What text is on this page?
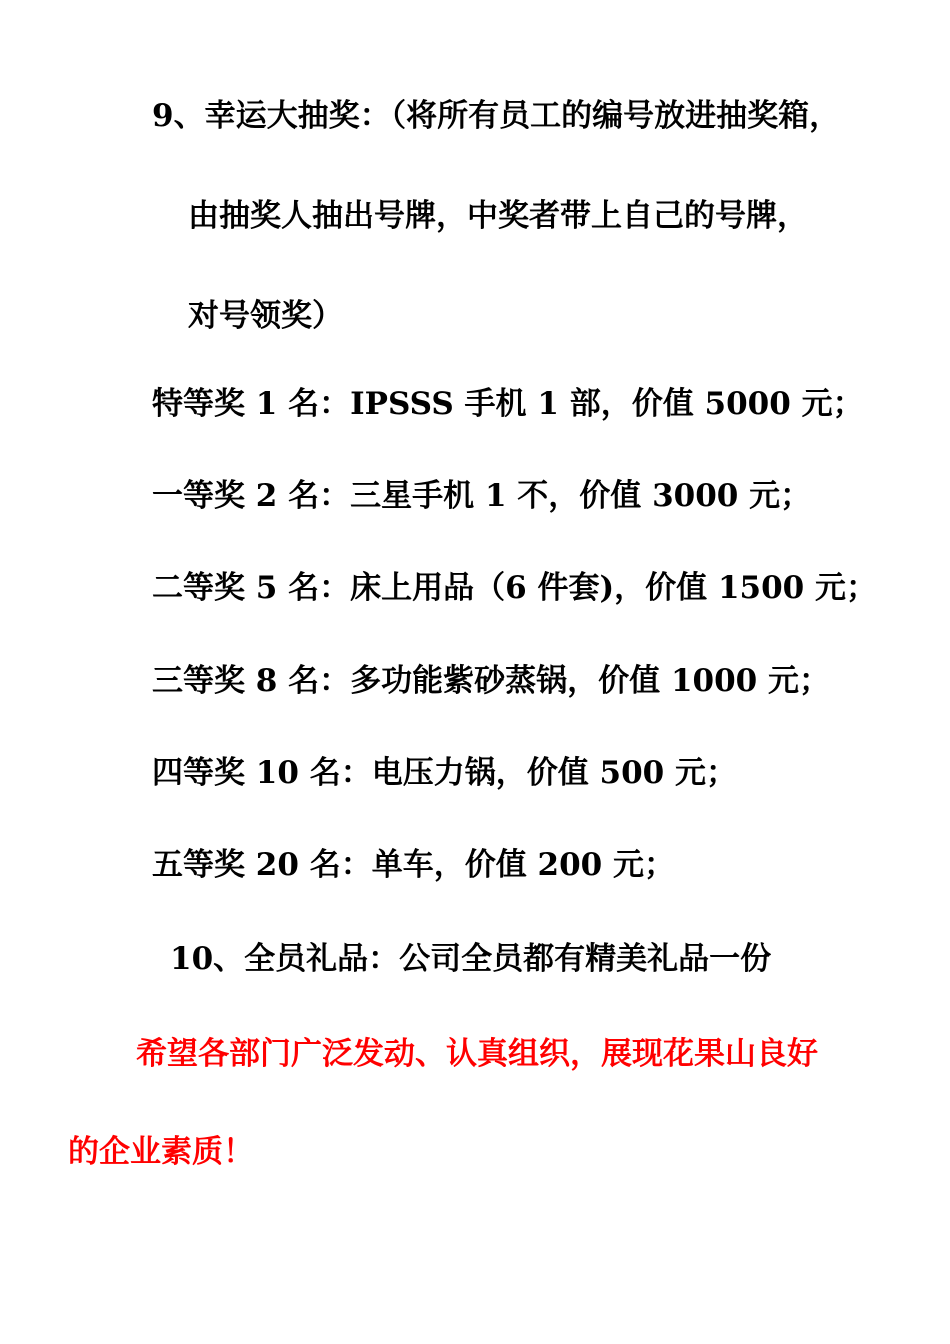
9、幸运大抽奖：（将所有员工的编号放进抽奖箱，
由抽奖人抽出号牌，中奖者带上自己的号牌，
对号领奖）
特等奖 1 名：IPSSS 手机 1 部，价值 5000 元；
一等奖 2 名：三星手机 1 不，价值 3000 元；
二等奖 5 名：床上用品（6 件套)，价值 1500 元；
三等奖 8 名：多功能紫砂蒸锅，价值 1000 元；
四等奖 10 名：电压力锅，价值 500 元；
五等奖 20 名：单车，价值 200 元；
10、全员礼品：公司全员都有精美礼品一份
希望各部门广泛发动、认真组织，展现花果山良好
的企业素质！
